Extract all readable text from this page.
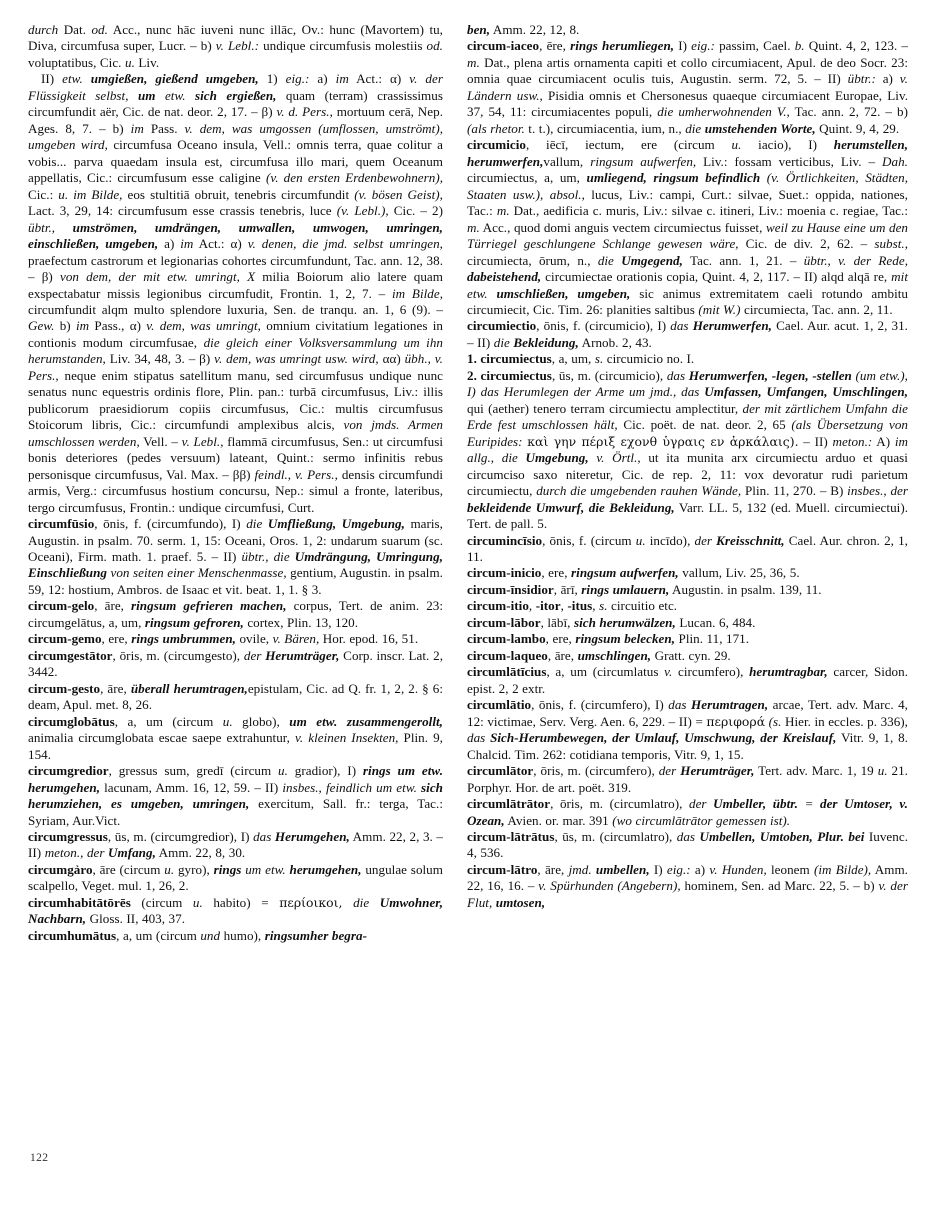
durch Dat. od. Acc., nunc hāc iuveni nunc illāc, Ov.: hunc (Mavortem) tu, Diva, circumfusa super, Lucr. – b) v. Lebl.: undique circumfusis molestiis od. voluptatibus, Cic. u. Liv.

II) etw. umgießen, gießend umgeben, 1) eig.: a) im Act.: α) v. der Flüssigkeit selbst, um etw. sich ergießen, quam (terram) crassissimus circumfundit aër, Cic. de nat. deor. 2, 17. – β) v. d. Pers., mortuum cerā, Nep. Ages. 8, 7. – b) im Pass. v. dem, was umgossen (umflossen, umströmt), umgeben wird, circumfusa Oceano insula, Vell.: omnis terra, quae colitur a vobis... parva quaedam insula est, circumfusa illo mari, quem Oceanum appellatis, Cic.: circumfusum esse caligine (v. den ersten Erdenbewohnern), Cic.: u. im Bilde, eos stultitiā obruit, tenebris circumfundit (v. bösen Geist), Lact. 3, 29, 14: circumfusum esse crassis tenebris, luce (v. Lebl.), Cic. – 2) übtr., umströmen, umdrängen, umwallen, umwogen, umringen, einschließen, umgeben, a) im Act.: α) v. denen, die jmd. selbst umringen, praefectum castrorum et legionarias cohortes circumfundunt, Tac. ann. 12, 38. – β) von dem, der mit etw. umringt, X milia Boiorum alio latere quam exspectabatur missis legionibus circumfudit, Frontin. 1, 2, 7. – im Bilde, circumfundit alqm multo splendore luxuria, Sen. de tranqu. an. 1, 6 (9). – Gew. b) im Pass., α) v. dem, was umringt, omnium civitatium legationes in contionis modum circumfusae, die gleich einer Volksversammlung um ihn herumstanden, Liv. 34, 48, 3. – β) v. dem, was umringt usw. wird, αα) übh., v. Pers., neque enim stipatus satellitum manu, sed circumfusus undique nunc senatus nunc equestris ordinis flore, Plin. pan.: turbā circumfusus, Liv.: illis publicorum praesidiorum copiis circumfusus, Cic.: multis circumfusus Stoicorum libris, Cic.: circumfundi amplexibus alcis, von jmds. Armen umschlossen werden, Vell. – v. Lebl., flammā circumfusus, Sen.: ut circumfusi bonis deteriores (pedes versuum) lateant, Quint.: sermo infinitis rebus personisque circumfusus, Val. Max. – ββ) feindl., v. Pers., densis circumfundi armis, Verg.: circumfusus hostium concursu, Nep.: simul a fronte, lateribus, tergo circumfusus, Frontin.: undique circumfusi, Curt.

circumfūsio, ōnis, f. (circumfundo), I) die Umfließung, Umgebung, maris, Augustin. in psalm. 70. serm. 1, 15: Oceani, Oros. 1, 2: undarum suarum (sc. Oceani), Firm. math. 1. praef. 5. – II) übtr., die Umdrängung, Umringung, Einschließung von seiten einer Menschenmasse, gentium, Augustin. in psalm. 59, 12: hostium, Ambros. de Isaac et vit. beat. 1, 1. § 3.

circum-gelo, āre, ringsum gefrieren machen, corpus, Tert. de anim. 23: circumgelātus, a, um, ringsum gefroren, cortex, Plin. 13, 120.

circum-gemo, ere, rings umbrummen, ovile, v. Bären, Hor. epod. 16, 51.

circumgestātor, ōris, m. (circumgesto), der Herumträger, Corp. inscr. Lat. 2, 3442.

circum-gesto, āre, überall herumtragen,epistulam, Cic. ad Q. fr. 1, 2, 2. § 6: deam, Apul. met. 8, 26.

circumglobātus, a, um (circum u. globo), um etw. zusammengerollt, animalia circumglobata escae saepe extrahuntur, v. kleinen Insekten, Plin. 9, 154.

circumgredior, gressus sum, gredī (circum u. gradior), I) rings um etw. herumgehen, lacunam, Amm. 16, 12, 59. – II) insbes., feindlich um etw. sich herumziehen, es umgeben, umringen, exercitum, Sall. fr.: terga, Tac.: Syriam, Aur.Vict.

circumgressus, ūs, m. (circumgredior), I) das Herumgehen, Amm. 22, 2, 3. – II) meton., der Umfang, Amm. 22, 8, 30.

circumgảro, āre (circum u. gyro), rings um etw. herumgehen, ungulae solum scalpello, Veget. mul. 1, 26, 2.

circumhabitātōrēs (circum u. habito) = περίοικοι, die Umwohner, Nachbarn, Gloss. II, 403, 37.

circumhumātus, a, um (circum und humo), ringsumher begra-

ben, Amm. 22, 12, 8.

circum-iaceo, ēre, rings herumliegen, I) eig.: passim, Cael. b. Quint. 4, 2, 123. – m. Dat., plena artis ornamenta capiti et collo circumiacent, Apul. de deo Socr. 23: omnia quae circumiacent oculis tuis, Augustin. serm. 72, 5. – II) übtr.: a) v. Ländern usw., Pisidia omnis et Chersonesus quaeque circumiacent Europae, Liv. 37, 54, 11: circumiacentes populi, die umherwohnenden V., Tac. ann. 2, 72. – b) (als rhetor. t. t.), circumiacentia, ium, n., die umstehenden Worte, Quint. 9, 4, 29.

circumicio, iēcī, iectum, ere (circum u. iacio), I) herumstellen, herumwerfen,vallum, ringsum aufwerfen, Liv.: fossam verticibus, Liv. – Dah. circumiectus, a, um, umliegend, ringsum befindlich (v. Örtlichkeiten, Städten, Staaten usw.), absol., lucus, Liv.: campi, Curt.: silvae, Suet.: oppida, nationes, Tac.: m. Dat., aedificia c. muris, Liv.: silvae c. itineri, Liv.: moenia c. regiae, Tac.: m. Acc., quod domi anguis vectem circumiectus fuisset, weil zu Hause eine um den Türriegel geschlungene Schlange gewesen wäre, Cic. de div. 2, 62. – subst., circumiecta, ōrum, n., die Umgegend, Tac. ann. 1, 21. – übtr., v. der Rede, dabeistehend, circumiectae orationis copia, Quint. 4, 2, 117. – II) alqd alqā re, mit etw. umschließen, umgeben, sic animus extremitatem caeli rotundo ambitu circumiecit, Cic. Tim. 26: planities saltibus (mit W.) circumiecta, Tac. ann. 2, 11.

circumiectio, ōnis, f. (circumicio), I) das Herumwerfen, Cael. Aur. acut. 1, 2, 31. – II) die Bekleidung, Arnob. 2, 43.

1. circumiectus, a, um, s. circumicio no. I.

2. circumiectus, ūs, m. (circumicio), das Herumwerfen, -legen, -stellen (um etw.), I) das Herumlegen der Arme um jmd., das Umfassen, Umfangen, Umschlingen, qui (aether) tenero terram circumiectu amplectitur, der mit zärtlichem Umfahn die Erde fest umschlossen hält, Cic. poët. de nat. deor. 2, 65 (als Übersetzung von Euripides: καὶ γην πέριξ εχονθ ὑγραις εν ἀρκάλαις). – II) meton.: A) im allg., die Umgebung, v. Örtl., ut ita munita arx circumiectu arduo et quasi circumciso saxo niteretur, Cic. de rep. 2, 11: vox devoratur rudi parietum circumiectu, durch die umgebenden rauhen Wände, Plin. 11, 270. – B) insbes., der bekleidende Umwurf, die Bekleidung, Varr. LL. 5, 132 (ed. Muell. circumiectui). Tert. de pall. 5.

circumincīsio, ōnis, f. (circum u. incīdo), der Kreisschnitt, Cael. Aur. chron. 2, 1, 11.

circum-inicio, ere, ringsum aufwerfen, vallum, Liv. 25, 36, 5.

circum-īnsidior, ārī, rings umlauern, Augustin. in psalm. 139, 11.

circum-itio, -itor, -itus, s. circuitio etc.

circum-lābor, lābī, sich herumwälzen, Lucan. 6, 484.

circum-lambo, ere, ringsum belecken, Plin. 11, 171.

circum-laqueo, āre, umschlingen, Gratt. cyn. 29.

circumlātīcius, a, um (circumlatus v. circumfero), herumtragbar, carcer, Sidon. epist. 2, 2 extr.

circumlātio, ōnis, f. (circumfero), I) das Herumtragen, arcae, Tert. adv. Marc. 4, 12: victimae, Serv. Verg. Aen. 6, 229. – II) = περιφορά (s. Hier. in eccles. p. 336), das Sich-Herumbewegen, der Umlauf, Umschwung, der Kreislauf, Vitr. 9, 1, 8. Chalcid. Tim. 262: cotidiana temporis, Vitr. 9, 1, 15.

circumlātor, ōris, m. (circumfero), der Herumträger, Tert. adv. Marc. 1, 19 u. 21. Porphyr. Hor. de art. poët. 319.

circumlātrātor, ōris, m. (circumlatro), der Umbeller, übtr. = der Umtoser, v. Ozean, Avien. or. mar. 391 (wo circumlātrātor gemessen ist).

circum-lātrātus, ūs, m. (circumlatro), das Umbellen, Umtoben, Plur. bei Iuvenc. 4, 536.

circum-lātro, āre, jmd. umbellen, I) eig.: a) v. Hunden, leonem (im Bilde), Amm. 22, 16, 16. – v. Spürhunden (Angebern), hominem, Sen. ad Marc. 22, 5. – b) v. der Flut, umtosen,

122
